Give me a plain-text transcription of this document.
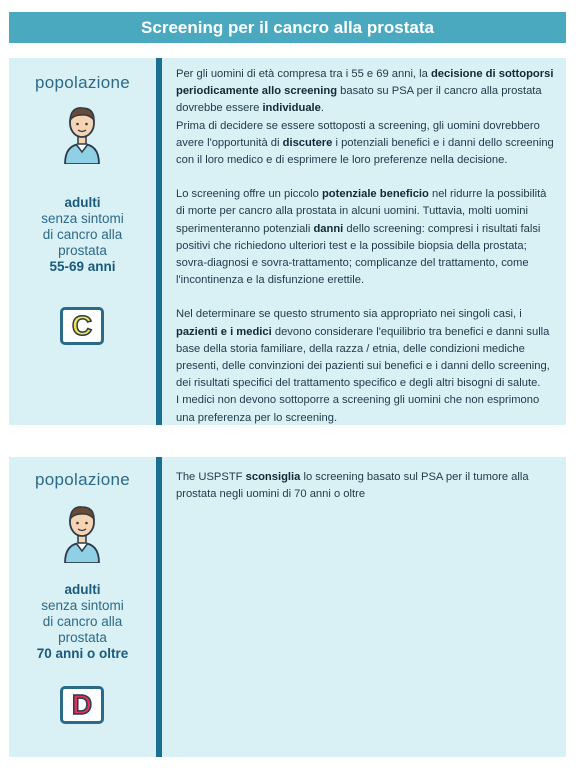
Screening per il cancro alla prostata
popolazione
adulti
senza sintomi
di cancro alla
prostata
55-69 anni
C

Per gli uomini di età compresa tra i 55 e 69 anni, la decisione di sottoporsi periodicamente allo screening basato su PSA per il cancro alla prostata dovrebbe essere individuale.

Prima di decidere se essere sottoposti a screening, gli uomini dovrebbero avere l'opportunità di discutere i potenziali benefici e i danni dello screening con il loro medico e di esprimere le loro preferenze nella decisione.

Lo screening offre un piccolo potenziale beneficio nel ridurre la possibilità di morte per cancro alla prostata in alcuni uomini. Tuttavia, molti uomini sperimenteranno potenziali danni dello screening: compresi i risultati falsi positivi che richiedono ulteriori test e la possibile biopsia della prostata; sovra-diagnosi e sovra-trattamento; complicanze del trattamento, come l'incontinenza e la disfunzione erettile.

Nel determinare se questo strumento sia appropriato nei singoli casi, i pazienti e i medici devono considerare l'equilibrio tra benefici e danni sulla base della storia familiare, della razza / etnia, delle condizioni mediche presenti, delle convinzioni dei pazienti sui benefici e i danni dello screening, dei risultati specifici del trattamento specifico e degli altri bisogni di salute.

I medici non devono sottoporre a screening gli uomini che non esprimono una preferenza per lo screening.

popolazione
adulti
senza sintomi
di cancro alla
prostata
70 anni o oltre
D

The USPSTF sconsiglia lo screening basato sul PSA per il tumore alla prostata negli uomini di 70 anni o oltre
